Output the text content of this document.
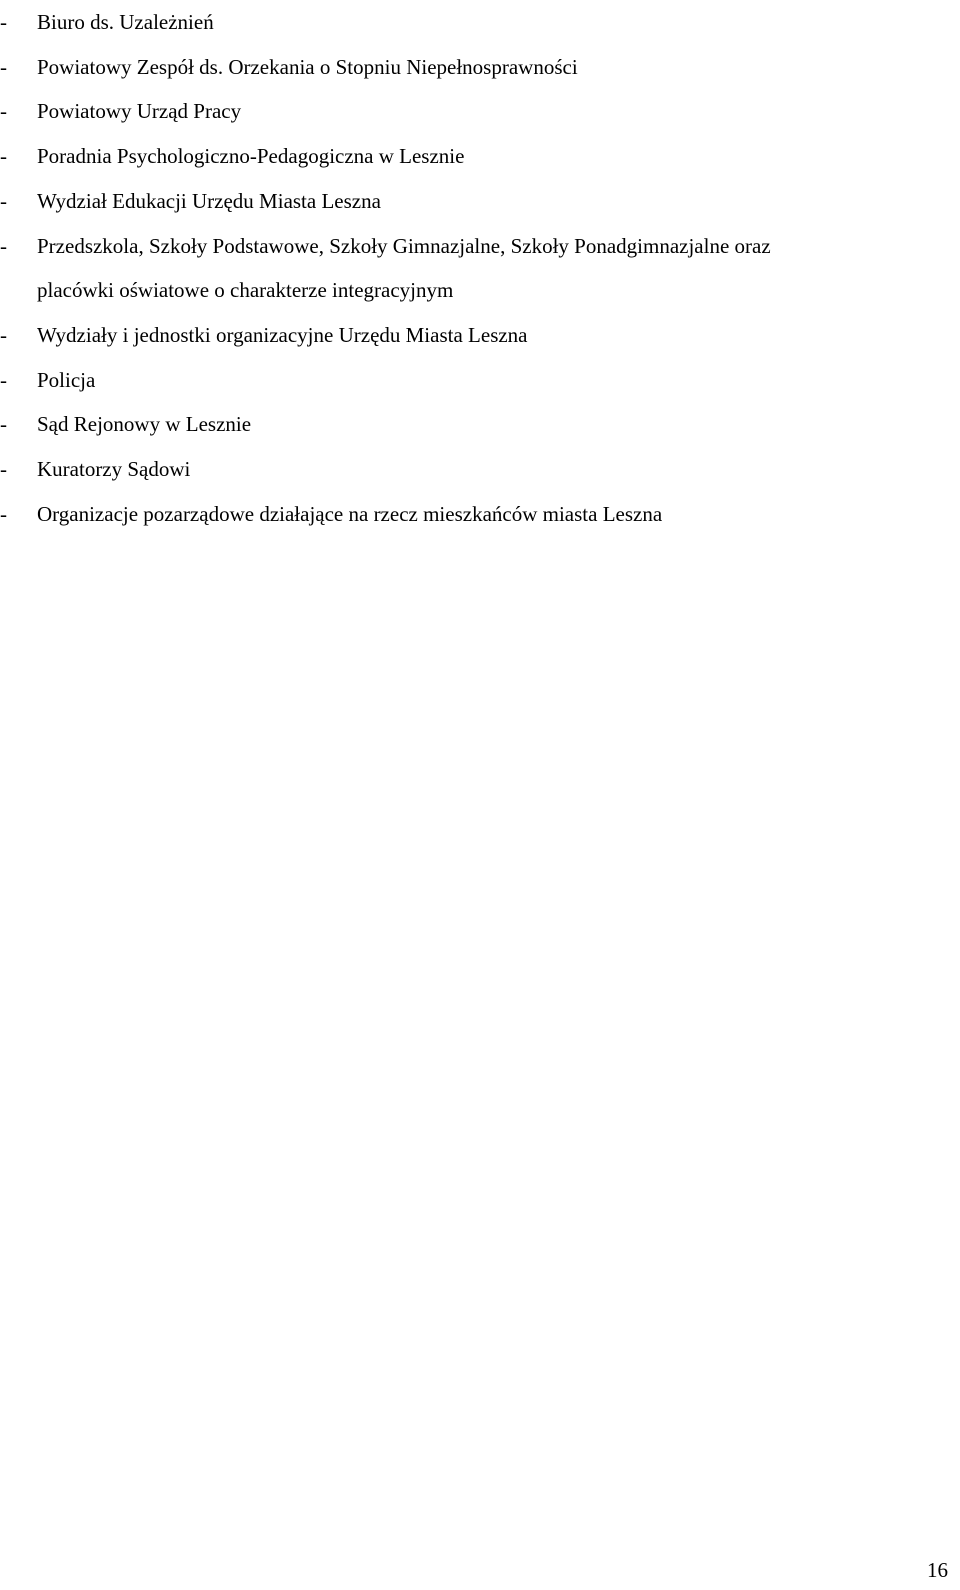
-	Biuro ds. Uzależnień
-	Powiatowy Zespół ds. Orzekania o Stopniu Niepełnosprawności
-	Powiatowy Urząd Pracy
-	Poradnia Psychologiczno-Pedagogiczna w Lesznie
-	Wydział Edukacji Urzędu Miasta Leszna
-	Przedszkola, Szkoły Podstawowe, Szkoły Gimnazjalne, Szkoły Ponadgimnazjalne oraz
placówki oświatowe o charakterze integracyjnym
-	Wydziały i jednostki organizacyjne Urzędu Miasta Leszna
-	Policja
-	Sąd Rejonowy w Lesznie
-	Kuratorzy Sądowi
-	Organizacje pozarządowe działające na rzecz mieszkańców miasta Leszna
16
